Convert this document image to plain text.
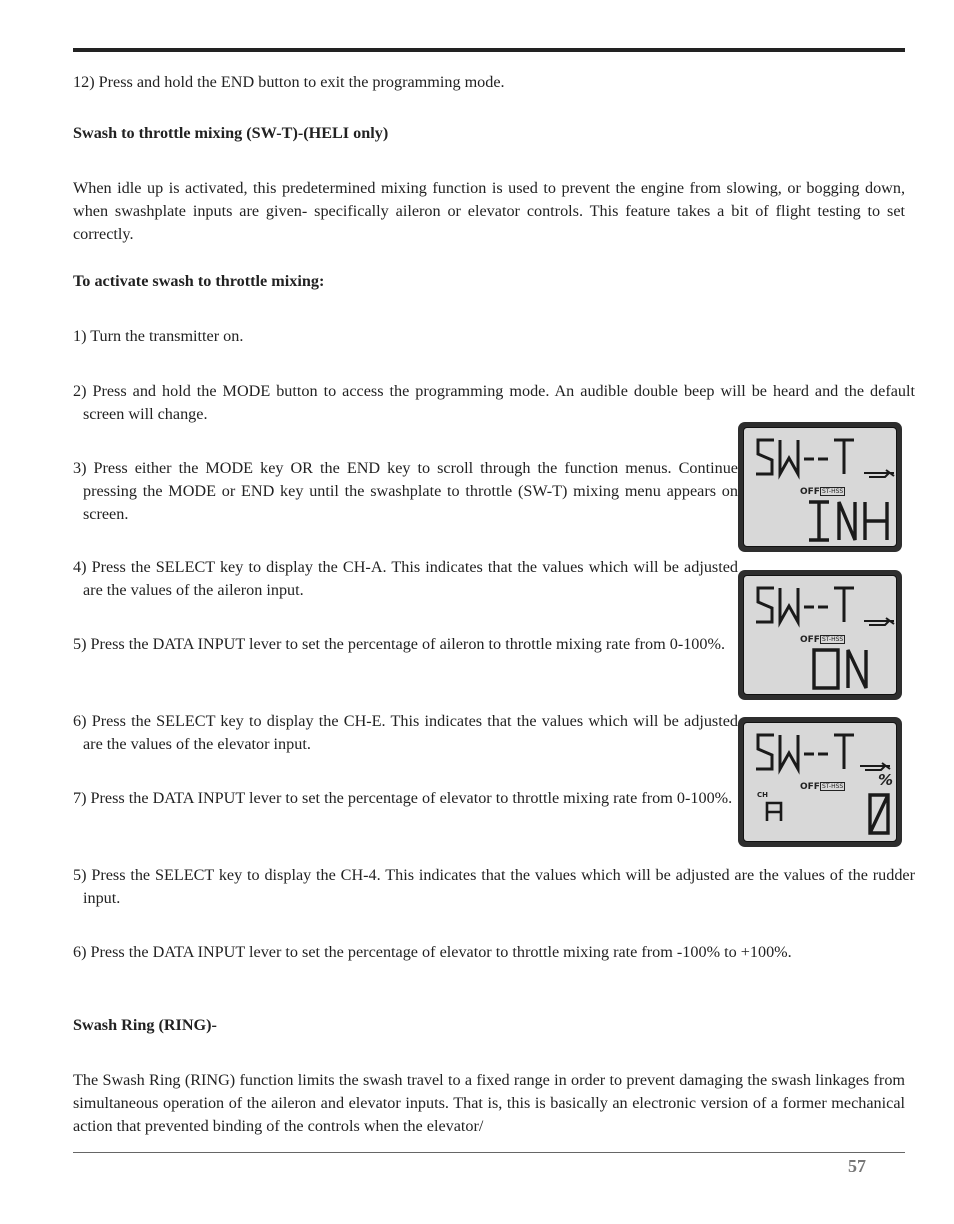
12) Press and hold the END button to exit the programming mode.

Swash to throttle mixing (SW-T)-(HELI only)

When idle up is activated, this predetermined mixing function is used to prevent the engine from slowing, or bogging down, when swashplate inputs are given- specifically aileron or elevator controls. This feature takes a bit of flight testing to set correctly.

To activate swash to throttle mixing:

1) Turn the transmitter on.

2) Press and hold the MODE button to access the programming mode. An audible double beep will be heard and the default screen will change.

3) Press either the MODE key OR the END key to scroll through the function menus. Continue pressing the MODE or END key until the swashplate to throttle (SW-T) mixing menu appears on screen.

4) Press the SELECT key to display the CH-A. This indicates that the values which will be adjusted are the values of the aileron input.

5) Press the DATA INPUT lever to set the percentage of aileron to throttle mixing rate from 0-100%.

6) Press the SELECT key to display the CH-E. This indicates that the values which will be adjusted are the values of the elevator input.

7) Press the DATA INPUT lever to set the percentage of elevator to throttle mixing rate from 0-100%.

5) Press the SELECT key to display the CH-4. This indicates that the values which will be adjusted are the values of the rudder input.

6) Press the DATA INPUT lever to set the percentage of elevator to throttle mixing rate from -100% to +100%.

Swash Ring (RING)-

The Swash Ring (RING) function limits the swash travel to a fixed range in order to prevent damaging the swash linkages from simultaneous operation of the aileron and elevator inputs. That is, this is basically an electronic version of a former mechanical action that prevented binding of the controls when the elevator/

OFF ST-HSS
OFF ST-HSS
OFF ST-HSS
CH
%
57
